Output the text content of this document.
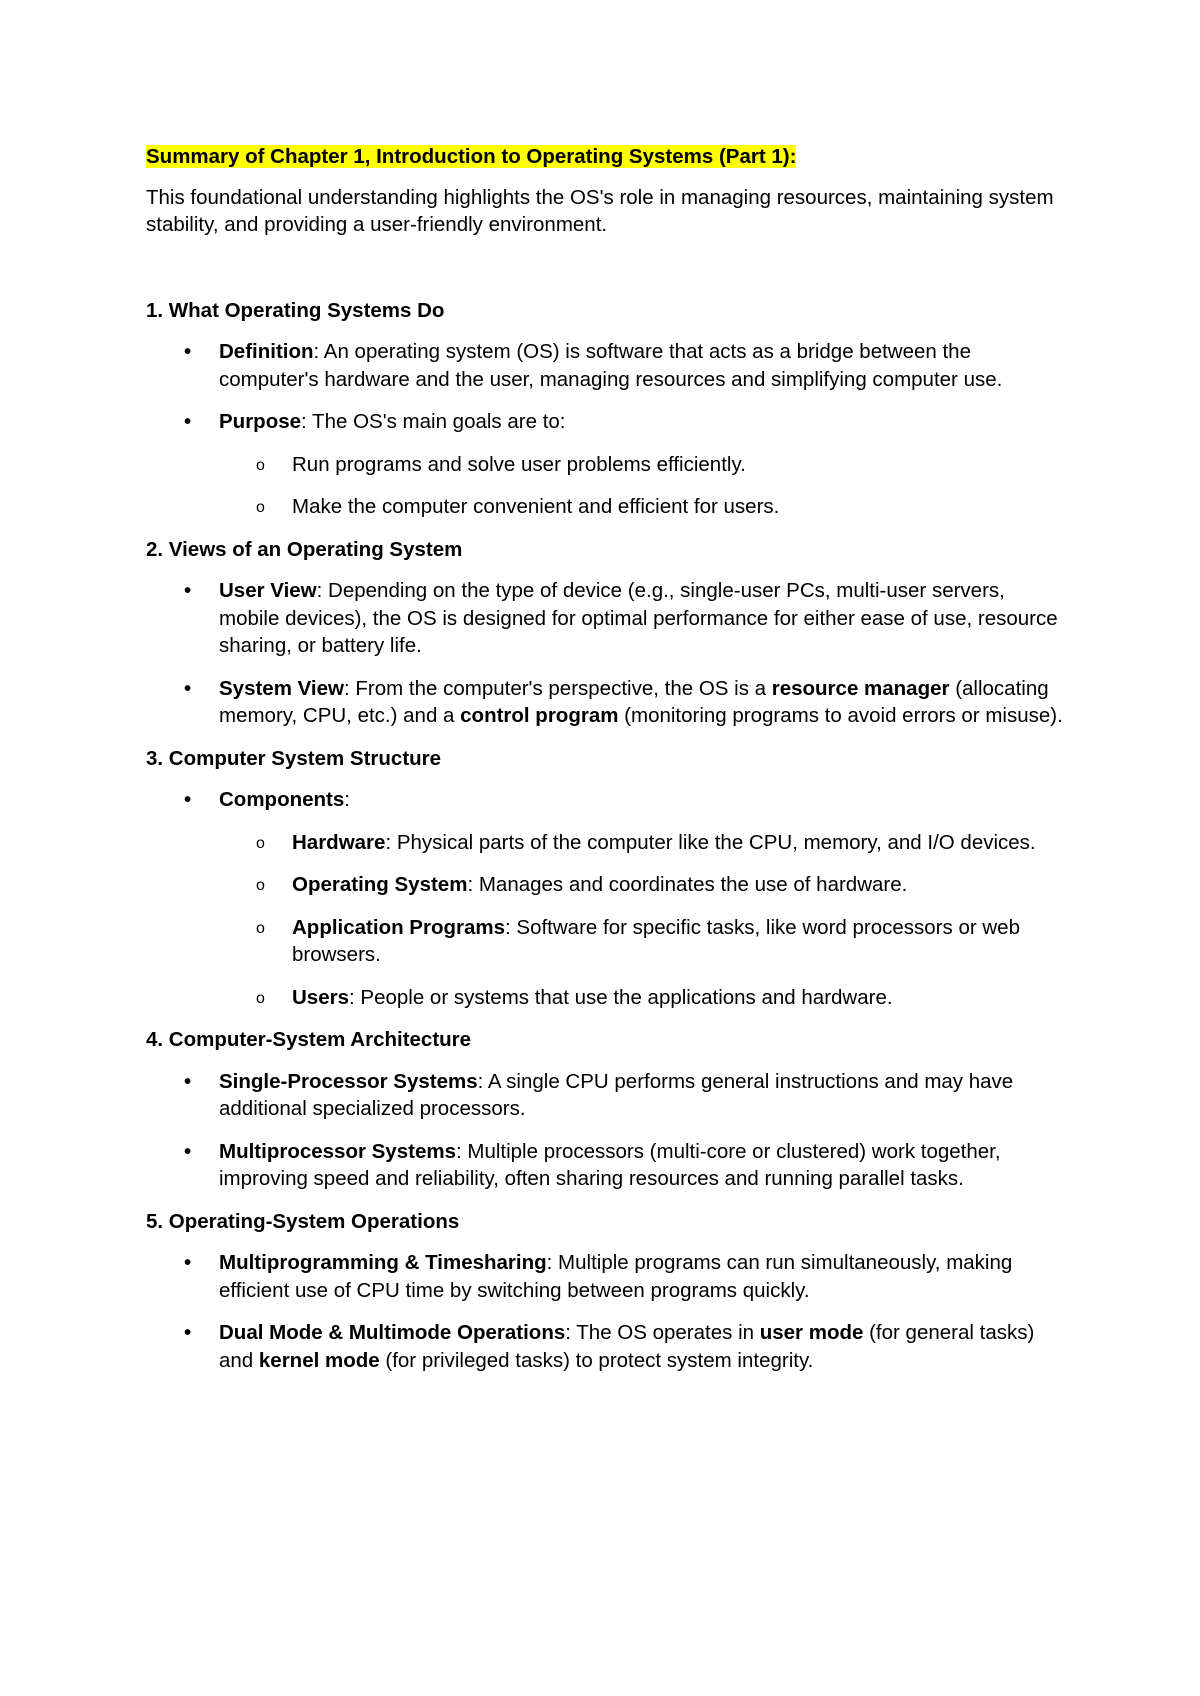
Summary of Chapter 1, Introduction to Operating Systems (Part 1):
This foundational understanding highlights the OS's role in managing resources, maintaining system stability, and providing a user-friendly environment.
1. What Operating Systems Do
• Definition: An operating system (OS) is software that acts as a bridge between the computer's hardware and the user, managing resources and simplifying computer use.
• Purpose: The OS's main goals are to:
o Run programs and solve user problems efficiently.
o Make the computer convenient and efficient for users.
2. Views of an Operating System
• User View: Depending on the type of device (e.g., single-user PCs, multi-user servers, mobile devices), the OS is designed for optimal performance for either ease of use, resource sharing, or battery life.
• System View: From the computer's perspective, the OS is a resource manager (allocating memory, CPU, etc.) and a control program (monitoring programs to avoid errors or misuse).
3. Computer System Structure
• Components:
o Hardware: Physical parts of the computer like the CPU, memory, and I/O devices.
o Operating System: Manages and coordinates the use of hardware.
o Application Programs: Software for specific tasks, like word processors or web browsers.
o Users: People or systems that use the applications and hardware.
4. Computer-System Architecture
• Single-Processor Systems: A single CPU performs general instructions and may have additional specialized processors.
• Multiprocessor Systems: Multiple processors (multi-core or clustered) work together, improving speed and reliability, often sharing resources and running parallel tasks.
5. Operating-System Operations
• Multiprogramming & Timesharing: Multiple programs can run simultaneously, making efficient use of CPU time by switching between programs quickly.
• Dual Mode & Multimode Operations: The OS operates in user mode (for general tasks) and kernel mode (for privileged tasks) to protect system integrity.
